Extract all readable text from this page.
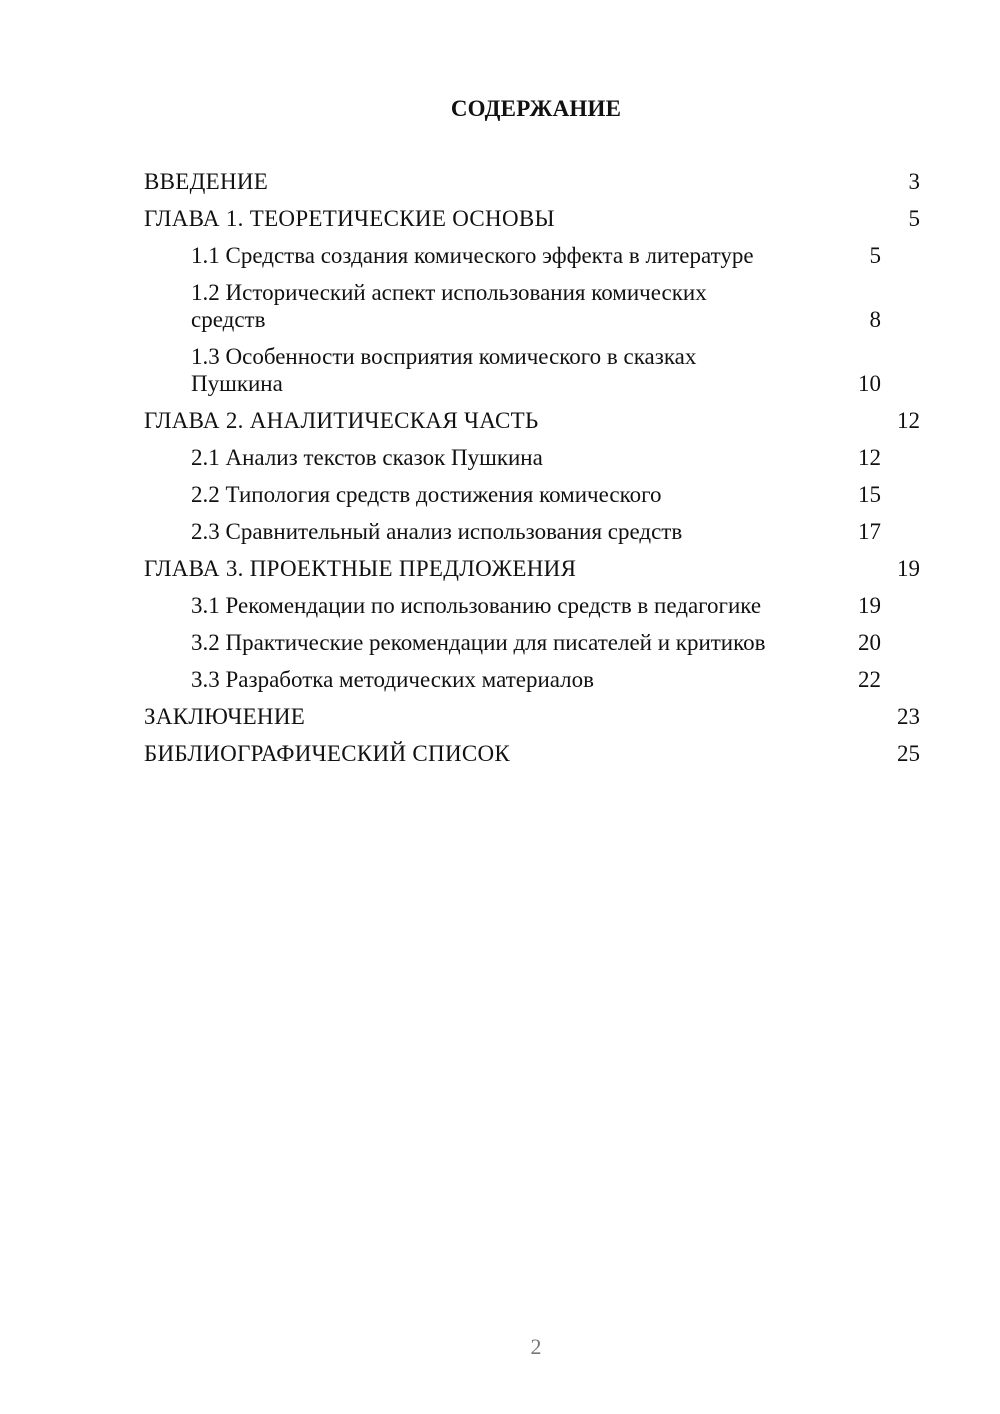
СОДЕРЖАНИЕ
ВВЕДЕНИЕ	3
ГЛАВА 1. ТЕОРЕТИЧЕСКИЕ ОСНОВЫ	5
1.1 Средства создания комического эффекта в литературе	5
1.2 Исторический аспект использования комических
средств	8
1.3 Особенности восприятия комического в сказках
Пушкина	10
ГЛАВА 2. АНАЛИТИЧЕСКАЯ ЧАСТЬ	12
2.1 Анализ текстов сказок Пушкина	12
2.2 Типология средств достижения комического	15
2.3 Сравнительный анализ использования средств	17
ГЛАВА 3. ПРОЕКТНЫЕ ПРЕДЛОЖЕНИЯ	19
3.1 Рекомендации по использованию средств в педагогике	19
3.2 Практические рекомендации для писателей и критиков	20
3.3 Разработка методических материалов	22
ЗАКЛЮЧЕНИЕ	23
БИБЛИОГРАФИЧЕСКИЙ СПИСОК	25
2
